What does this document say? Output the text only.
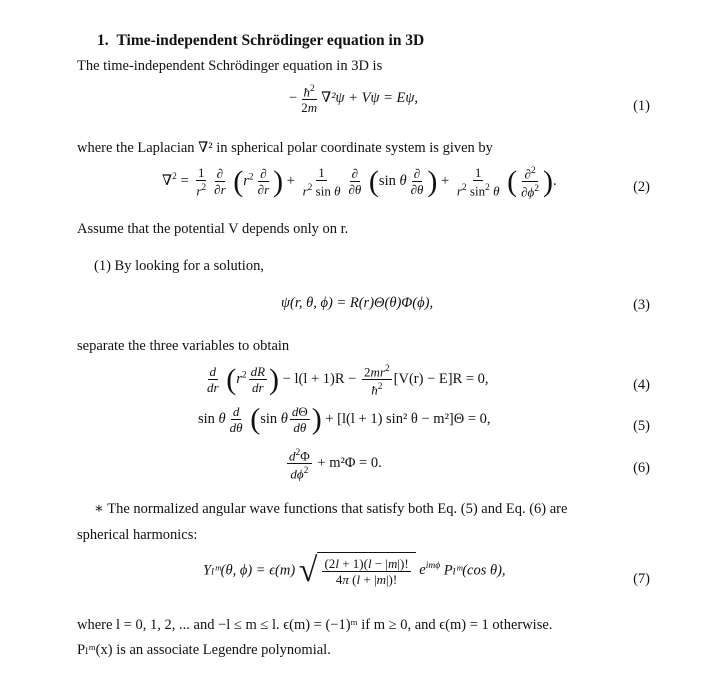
1. Time-independent Schrödinger equation in 3D
The time-independent Schrödinger equation in 3D is
− $\frac{ħ^2}{2m} \nabla^2\psi + V\psi = E\psi$,
(1)
where the Laplacian ∇² in spherical polar coordinate system is given by
$\nabla^2 = \frac{1}{r^2} \frac{\partial}{\partial r} (r^2 \frac{\partial}{\partial r}$ ) + $\frac{1}{r^2 \sin \theta} \frac{\partial}{\partial\theta} (\sin$ θ $\frac{\partial}{\partial\theta}$ ) + $\frac{1}{r^2 \sin^2 \theta}$ ( $\frac{\partial^2}{\partial\phi^2}$ ).	(2)
Assume that the potential V depends only on r.
(1) By looking for a solution,
ψ(r, θ, ϕ) = R(r)Θ(θ)Φ(ϕ),	(3)
separate the three variables to obtain
$\frac{d}{dr} (r^2 \frac{dR}{dr}$ ) − $l(l + 1)R - \frac{2mr^2}{ħ^2} [V(r) - E]R = 0$,	(4)
sin θ $\frac{d}{d\theta} (\sin$ θ $\frac{d\Theta}{d\theta}$ ) + [l(l + 1) sin² θ − m²]Θ = 0,	(5)
$\frac{d^2\Phi}{d\phi^2} + m^2\Phi = 0$.	(6)
∗ The normalized angular wave functions that satisfy both Eq. (5) and Eq. (6) are
spherical harmonics:
Yₗᵐ(θ, ϕ) = ϵ(m) √ $\frac{(2l + 1)(l - |m|)!}{4\pi (l + |m|)!} e^{im\phi}$ Pₗᵐ(cos θ),
(7)
where l = 0, 1, 2, ... and −l ≤ m ≤ l. ϵ(m) = (−1)ᵐ if m ≥ 0, and ϵ(m) = 1 otherwise.
Pₗᵐ(x) is an associate Legendre polynomial.
